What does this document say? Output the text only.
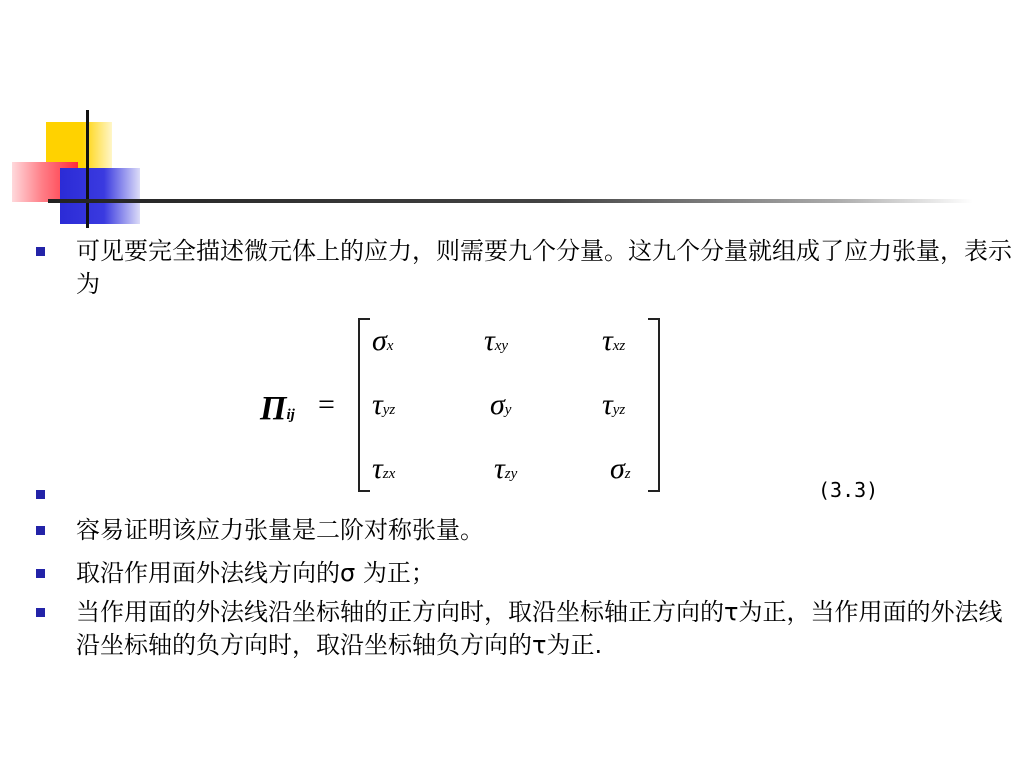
可见要完全描述微元体上的应力，则需要九个分量。这九个分量就组成了应力张量，表示为
Πij =
σx	τxy	τxz
τyz	σy	τyz
τzx	τzy	σz
(3.3)
容易证明该应力张量是二阶对称张量。
取沿作用面外法线方向的σ 为正；
当作用面的外法线沿坐标轴的正方向时，取沿坐标轴正方向的τ为正，当作用面的外法线沿坐标轴的负方向时，取沿坐标轴负方向的τ为正.
